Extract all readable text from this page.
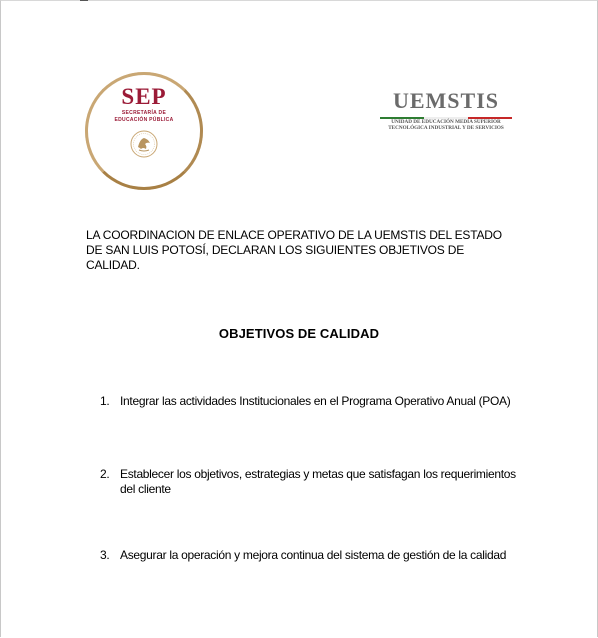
SEP
SECRETARÍA DE
EDUCACIÓN PÚBLICA
UEMSTIS
UNIDAD DE EDUCACIÓN MEDIA SUPERIOR
TECNOLÓGICA INDUSTRIAL Y DE SERVICIOS
LA COORDINACION DE ENLACE OPERATIVO DE LA UEMSTIS DEL ESTADO DE SAN LUIS POTOSÍ, DECLARAN LOS SIGUIENTES OBJETIVOS DE CALIDAD.
OBJETIVOS DE CALIDAD
1. Integrar las actividades Institucionales en el Programa Operativo Anual (POA)
2. Establecer los objetivos, estrategias y metas que satisfagan los requerimientos del cliente
3. Asegurar la operación y mejora continua del sistema de gestión de la calidad
